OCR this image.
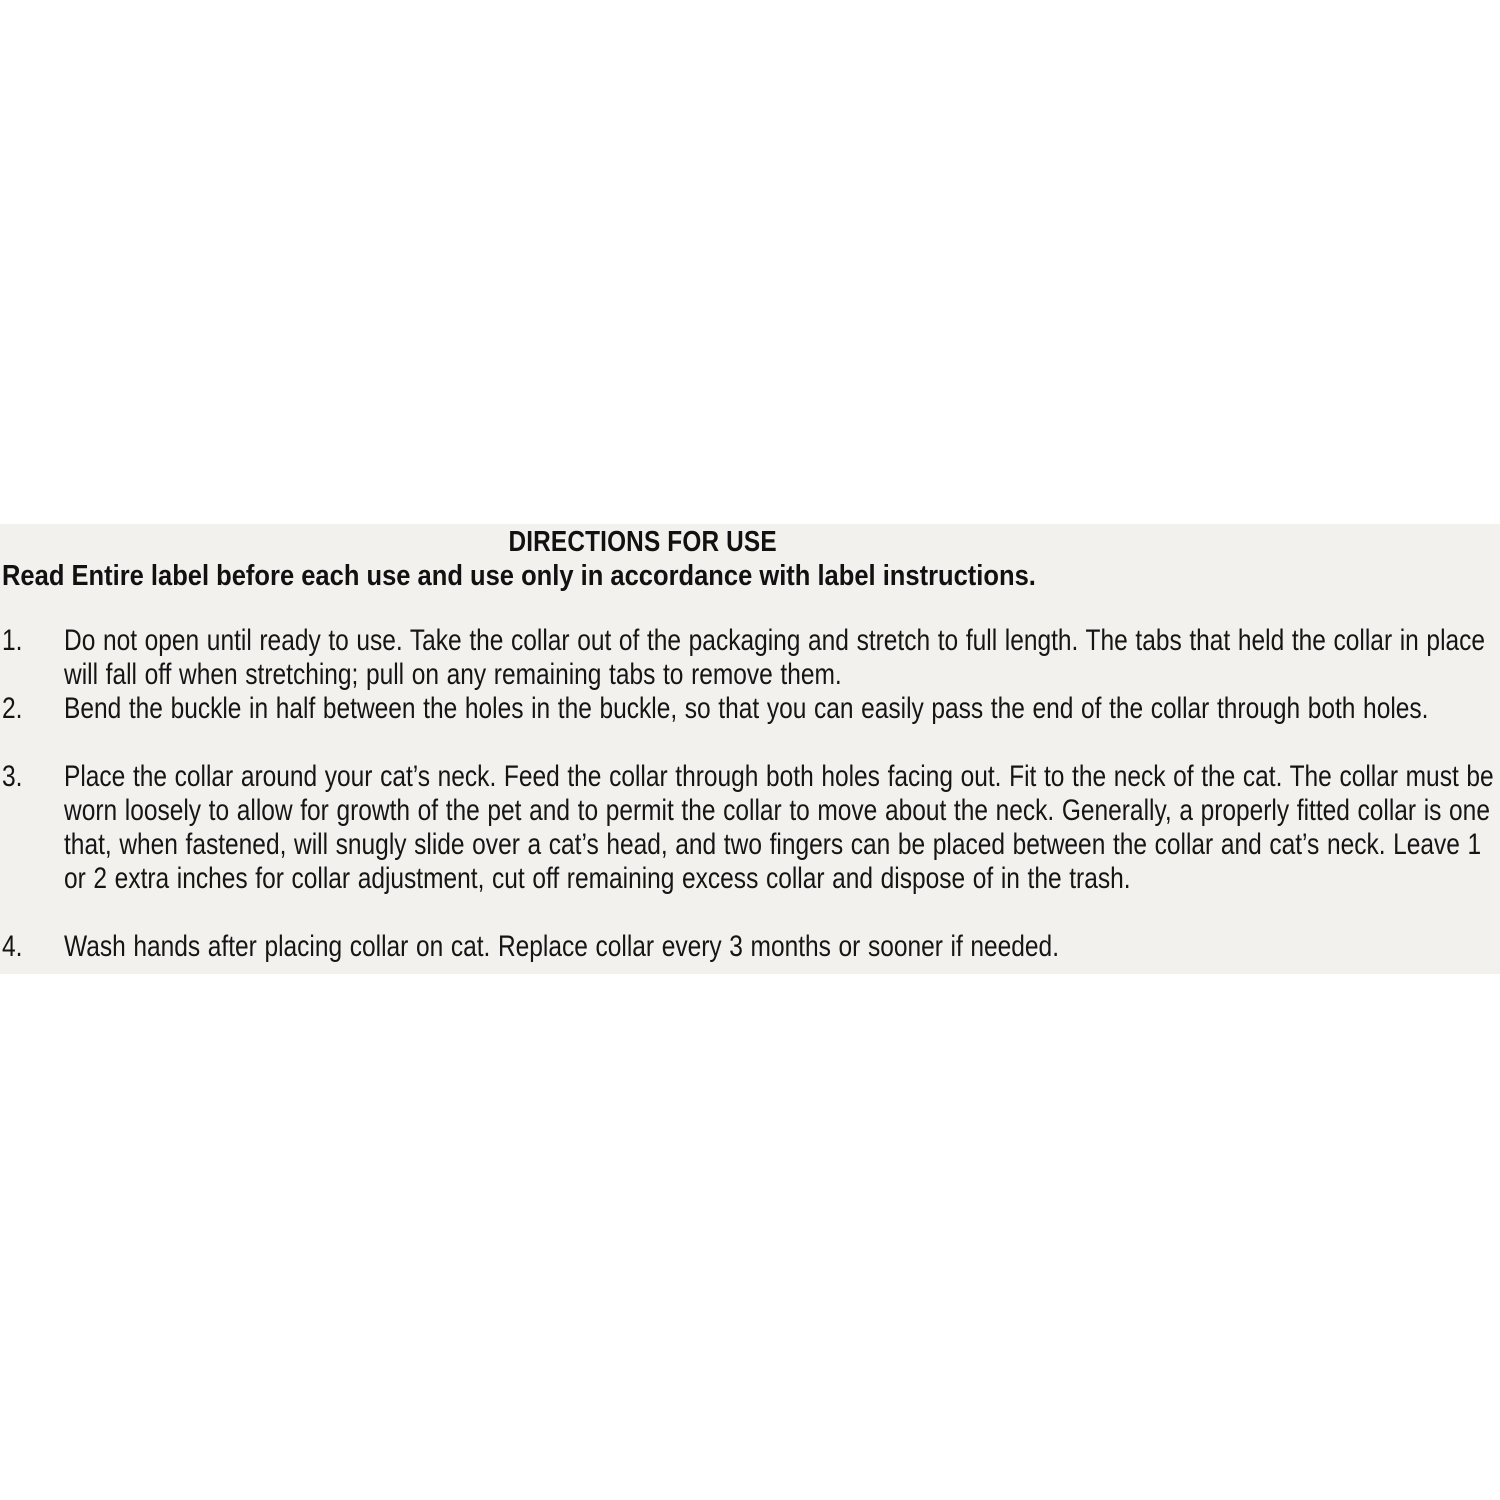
DIRECTIONS FOR USE
Read Entire label before each use and use only in accordance with label instructions.
1. Do not open until ready to use. Take the collar out of the packaging and stretch to full length. The tabs that held the collar in place will fall off when stretching; pull on any remaining tabs to remove them.
2. Bend the buckle in half between the holes in the buckle, so that you can easily pass the end of the collar through both holes.
3. Place the collar around your cat’s neck. Feed the collar through both holes facing out. Fit to the neck of the cat. The collar must be worn loosely to allow for growth of the pet and to permit the collar to move about the neck. Generally, a properly fitted collar is one that, when fastened, will snugly slide over a cat’s head, and two fingers can be placed between the collar and cat’s neck. Leave 1 or 2 extra inches for collar adjustment, cut off remaining excess collar and dispose of in the trash.
4. Wash hands after placing collar on cat. Replace collar every 3 months or sooner if needed.
